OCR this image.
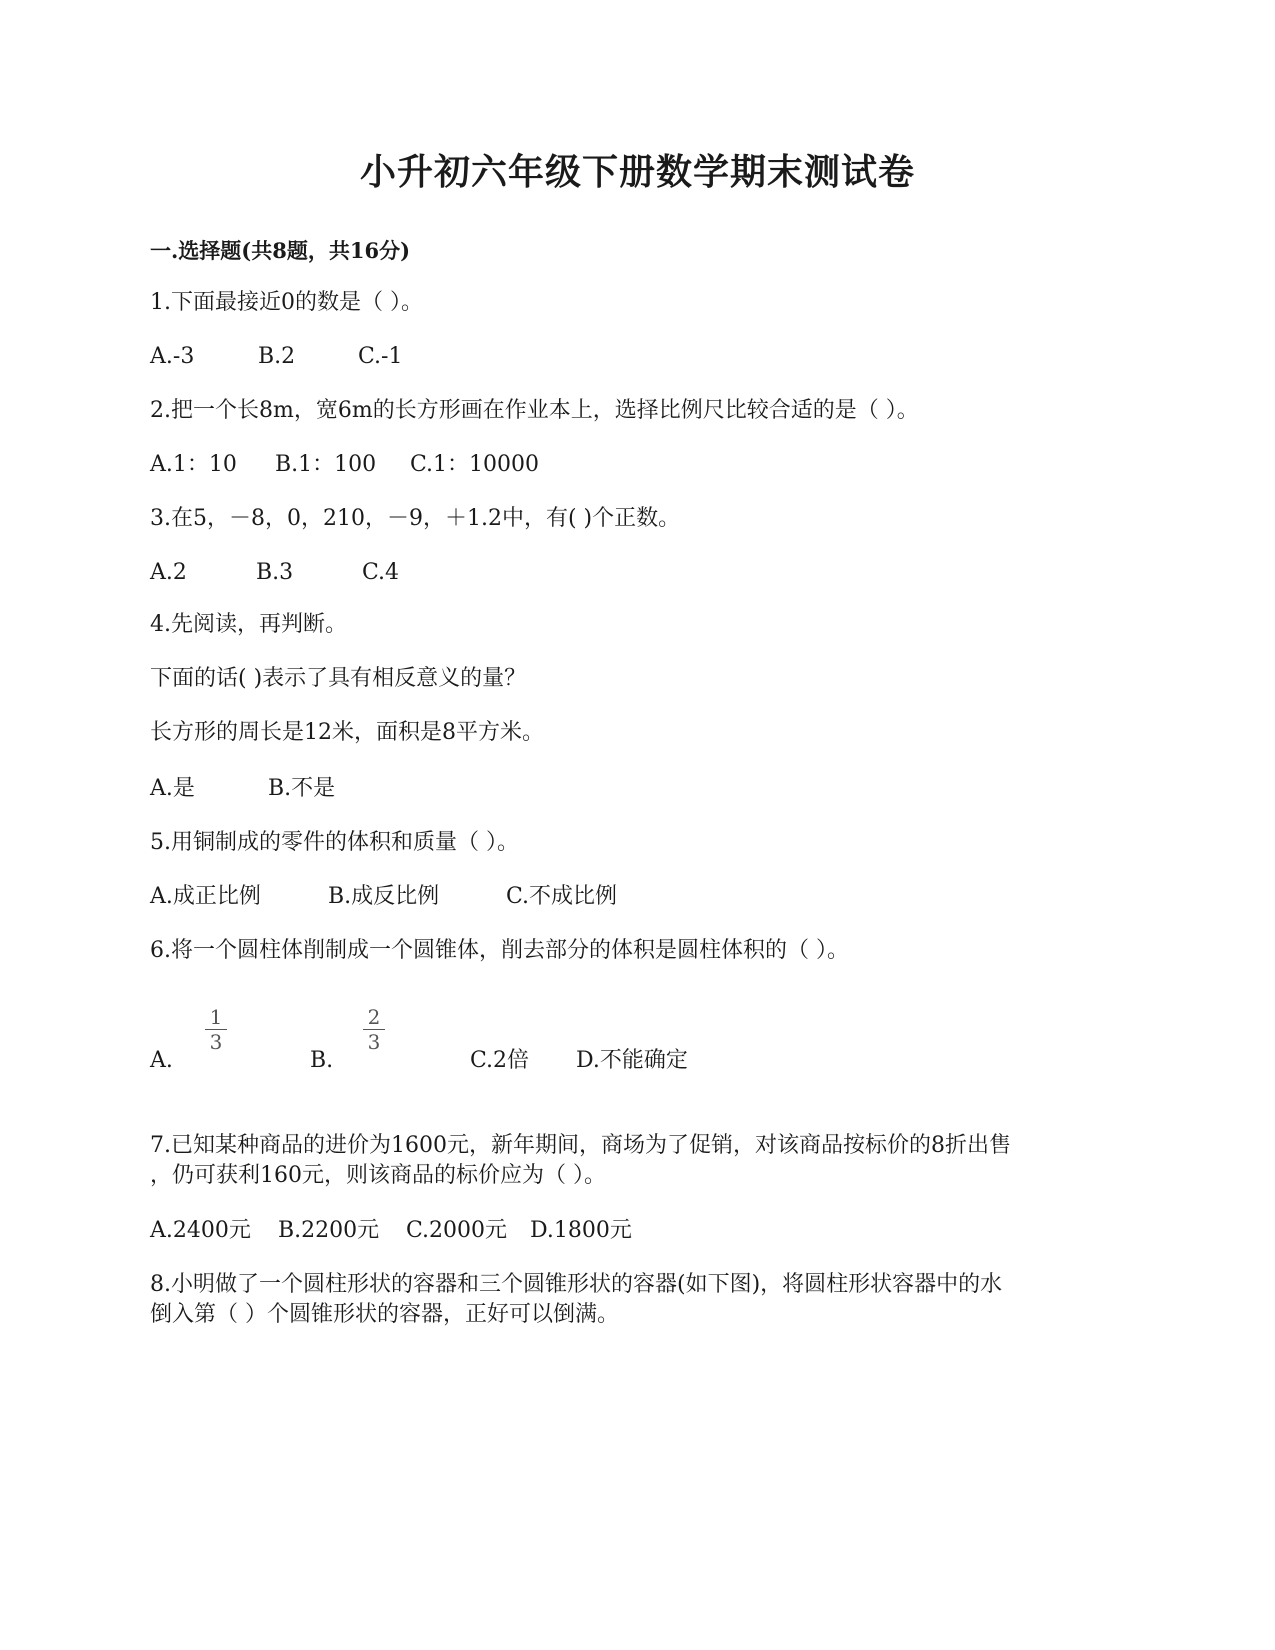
小升初六年级下册数学期末测试卷
一.选择题(共8题，共16分)
1.下面最接近0的数是（ ）。
A.-3	B.2	C.-1
2.把一个长8m，宽6m的长方形画在作业本上，选择比例尺比较合适的是（ ）。
A.1：10 B.1：100 C.1：10000
3.在5，－8，0，210，－9，＋1.2中，有( )个正数。
A.2	B.3	C.4
4.先阅读，再判断。
下面的话( )表示了具有相反意义的量？
长方形的周长是12米，面积是8平方米。
A.是	B.不是
5.用铜制成的零件的体积和质量（ ）。
A.成正比例	B.成反比例	C.不成比例
6.将一个圆柱体削制成一个圆锥体，削去部分的体积是圆柱体积的（ ）。
1
3
2
3
A.	B.	C.2倍 D.不能确定
7.已知某种商品的进价为1600元，新年期间，商场为了促销，对该商品按标价的8折出售
，仍可获利160元，则该商品的标价应为（ ）。
A.2400元 B.2200元 C.2000元 D.1800元
8.小明做了一个圆柱形状的容器和三个圆锥形状的容器(如下图)，将圆柱形状容器中的水
倒入第（ ）个圆锥形状的容器，正好可以倒满。
